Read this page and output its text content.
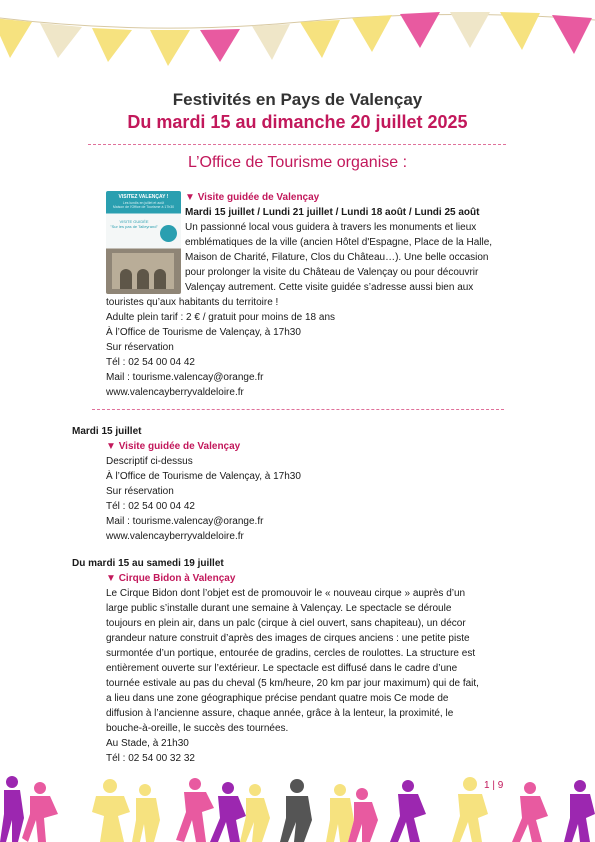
Festivités en Pays de Valençay
Du mardi 15 au dimanche 20 juillet 2025
L’Office de Tourisme organise :
VISITEZ VALENÇAY !
Les lundis en juillet et août
Maison de l'Office de Tourisme à 17h30
VISITE GUIDÉE
"Sur les pas de Talleyrand"
▼ Visite guidée de Valençay
Mardi 15 juillet / Lundi 21 juillet / Lundi 18 août / Lundi 25 août
Un passionné local vous guidera à travers les monuments et lieux
emblématiques de la ville (ancien Hôtel d'Espagne, Place de la Halle,
Maison de Charité, Filature, Clos du Château…). Une belle occasion
pour prolonger la visite du Château de Valençay ou pour découvrir
Valençay autrement. Cette visite guidée s’adresse aussi bien aux
touristes qu’aux habitants du territoire !
Adulte plein tarif : 2 € / gratuit pour moins de 18 ans
À l’Office de Tourisme de Valençay, à 17h30
Sur réservation
Tél : 02 54 00 04 42
Mail : tourisme.valencay@orange.fr
www.valencayberryvaldeloire.fr
Mardi 15 juillet
▼ Visite guidée de Valençay
Descriptif ci-dessus
À l’Office de Tourisme de Valençay, à 17h30
Sur réservation
Tél : 02 54 00 04 42
Mail : tourisme.valencay@orange.fr
www.valencayberryvaldeloire.fr
Du mardi 15 au samedi 19 juillet
▼ Cirque Bidon à Valençay
Le Cirque Bidon dont l’objet est de promouvoir le « nouveau cirque » auprès d’un
large public s’installe durant une semaine à Valençay. Le spectacle se déroule
toujours en plein air, dans un palc (cirque à ciel ouvert, sans chapiteau), un décor
grandeur nature construit d’après des images de cirques anciens : une petite piste
surmontée d’un portique, entourée de gradins, cercles de roulottes. La structure est
entièrement ouverte sur l’extérieur. Le spectacle est diffusé dans le cadre d’une
tournée estivale au pas du cheval (5 km/heure, 20 km par jour maximum) qui de fait,
a lieu dans une zone géographique précise pendant quatre mois Ce mode de
diffusion à l’ancienne assure, chaque année, grâce à la lenteur, la proximité, le
bouche-à-oreille, le succès des tournées.
Au Stade, à 21h30
Tél : 02 54 00 32 32
1 | 9
